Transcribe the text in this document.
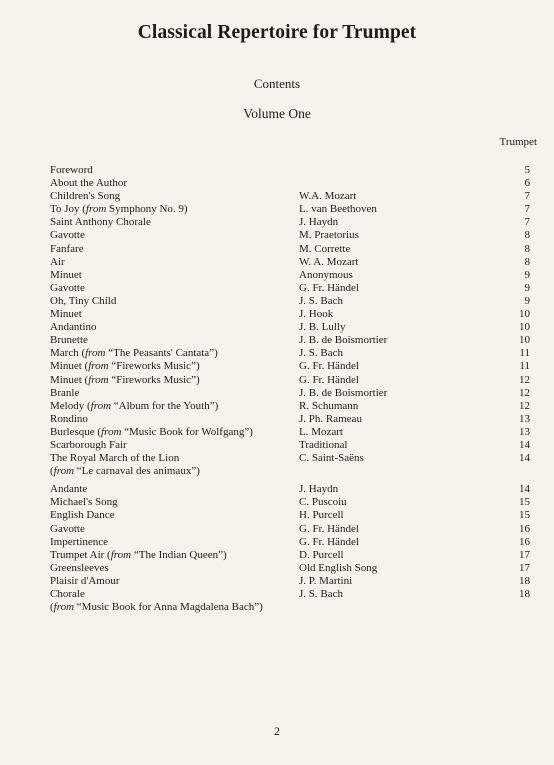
Classical Repertoire for Trumpet
Contents
Volume One
Trumpet
Foreword	5
About the Author	6
Children's Song	W.A. Mozart	7
To Joy (from Symphony No. 9)	L. van Beethoven	7
Saint Anthony Chorale	J. Haydn	7
Gavotte	M. Praetorius	8
Fanfare	M. Corrette	8
Air	W. A. Mozart	8
Minuet	Anonymous	9
Gavotte	G. Fr. Händel	9
Oh, Tiny Child	J. S. Bach	9
Minuet	J. Hook	10
Andantino	J. B. Lully	10
Brunette	J. B. de Boismortier	10
March (from “The Peasants' Cantata”)	J. S. Bach	11
Minuet (from “Fireworks Music”)	G. Fr. Händel	11
Minuet (from “Fireworks Music”)	G. Fr. Händel	12
Branle	J. B. de Boismortier	12
Melody (from “Album for the Youth”)	R. Schumann	12
Rondino	J. Ph. Rameau	13
Burlesque (from “Music Book for Wolfgang”)	L. Mozart	13
Scarborough Fair	Traditional	14
The Royal March of the Lion	C. Saint-Saëns	14
(from “Le carnaval des animaux”)
Andante	J. Haydn	14
Michael's Song	C. Puscoiu	15
English Dance	H. Purcell	15
Gavotte	G. Fr. Händel	16
Impertinence	G. Fr. Händel	16
Trumpet Air (from “The Indian Queen”)	D. Purcell	17
Greensleeves	Old English Song	17
Plaisir d'Amour	J. P. Martini	18
Chorale	J. S. Bach	18
(from “Music Book for Anna Magdalena Bach”)
2
